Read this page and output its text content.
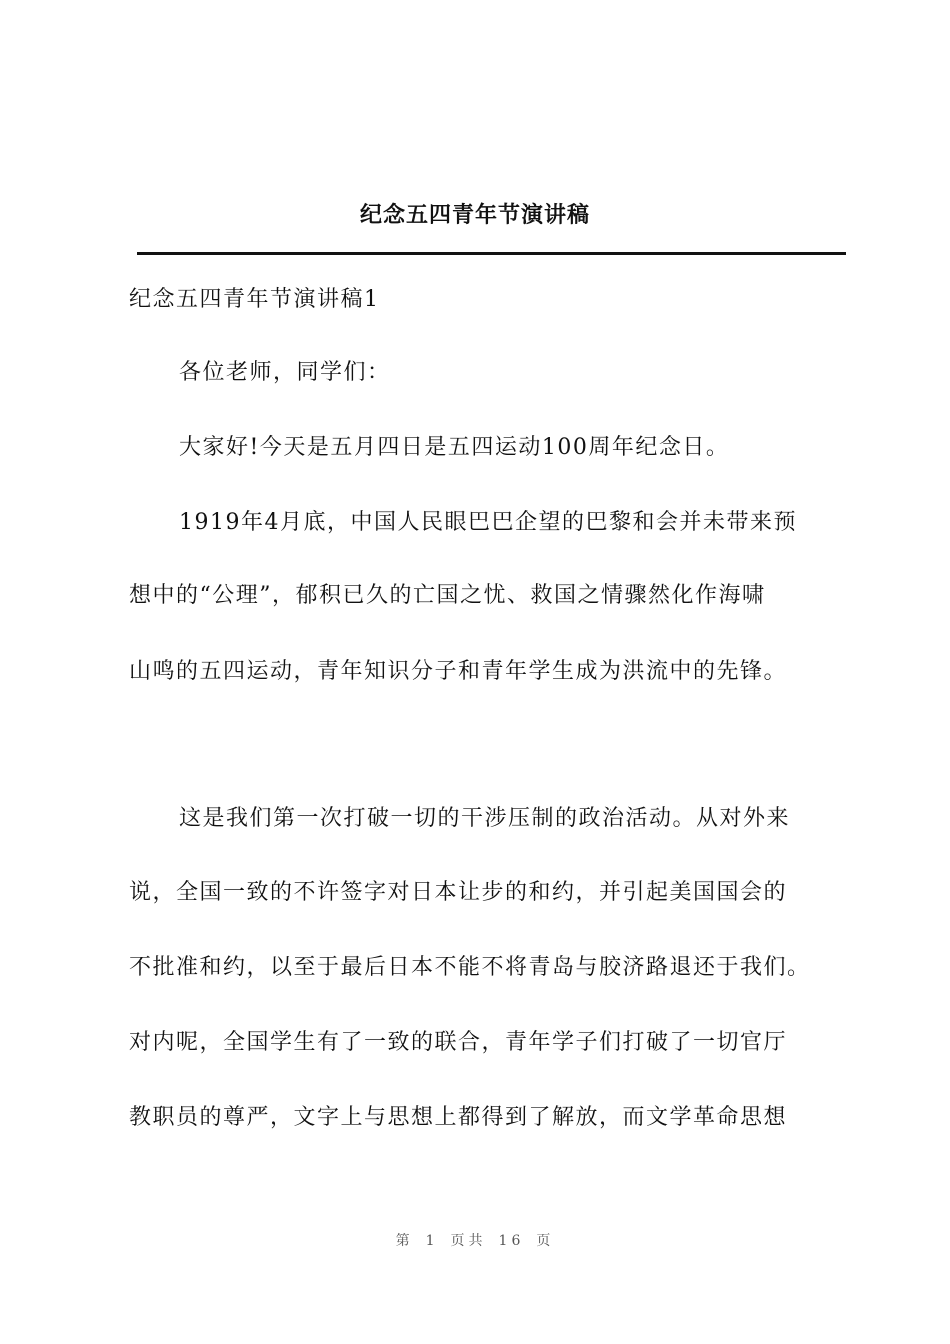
纪念五四青年节演讲稿
纪念五四青年节演讲稿1
各位老师，同学们：
大家好!今天是五月四日是五四运动100周年纪念日。
1919年4月底，中国人民眼巴巴企望的巴黎和会并未带来预
想中的“公理”，郁积已久的亡国之忧、救国之情骤然化作海啸
山鸣的五四运动，青年知识分子和青年学生成为洪流中的先锋。
这是我们第一次打破一切的干涉压制的政治活动。从对外来
说，全国一致的不许签字对日本让步的和约，并引起美国国会的
不批准和约，以至于最后日本不能不将青岛与胶济路退还于我们。
对内呢，全国学生有了一致的联合，青年学子们打破了一切官厅
教职员的尊严，文字上与思想上都得到了解放，而文学革命思想
第 1 页共 16 页
